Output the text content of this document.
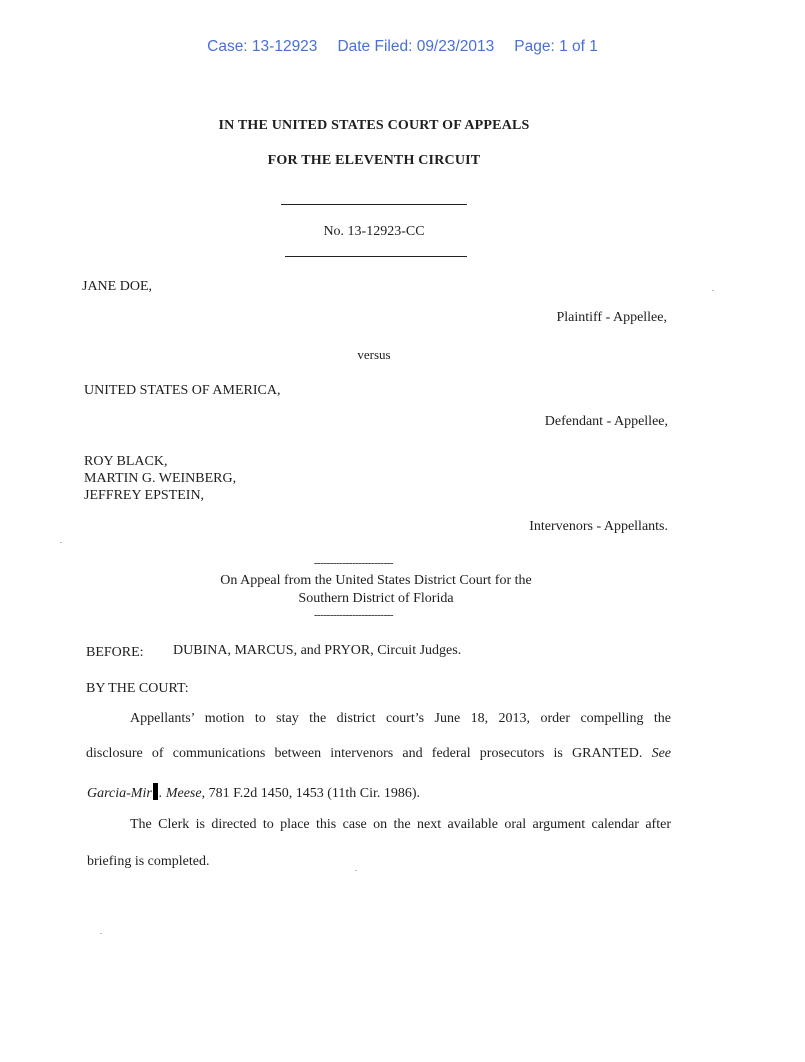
Case: 13-12923 Date Filed: 09/23/2013 Page: 1 of 1
IN THE UNITED STATES COURT OF APPEALS
FOR THE ELEVENTH CIRCUIT
No. 13-12923-CC
JANE DOE,
Plaintiff - Appellee,
versus
UNITED STATES OF AMERICA,
Defendant - Appellee,
ROY BLACK,
MARTIN G. WEINBERG,
JEFFREY EPSTEIN,
Intervenors - Appellants.
-------------------------
On Appeal from the United States District Court for the
Southern District of Florida
-------------------------
BEFORE: DUBINA, MARCUS, and PRYOR, Circuit Judges.
BY THE COURT:
Appellants’ motion to stay the district court’s June 18, 2013, order compelling the
disclosure of communications between intervenors and federal prosecutors is GRANTED. See
Garcia-Mir . Meese, 781 F.2d 1450, 1453 (11th Cir. 1986).
The Clerk is directed to place this case on the next available oral argument calendar after
briefing is completed.
